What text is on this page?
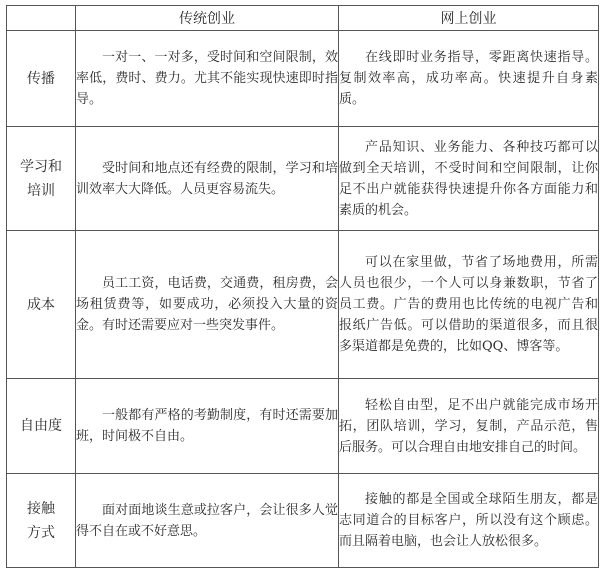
	传统创业	网上创业
传播	一对一、一对多，受时间和空间限制，效率低，费时、费力。尤其不能实现快速即时指导。	在线即时业务指导，零距离快速指导。复制效率高，成功率高。快速提升自身素质。

学习和培训	受时间和地点还有经费的限制，学习和培训效率大大降低。人员更容易流失。	产品知识、业务能力、各种技巧都可以做到全天培训，不受时间和空间限制，让你足不出户就能获得快速提升你各方面能力和素质的机会。

成本	员工工资，电话费，交通费，租房费，会场租赁费等，如要成功，必须投入大量的资金。有时还需要应对一些突发事件。	可以在家里做，节省了场地费用，所需人员也很少，一个人可以身兼数职，节省了员工费。广告的费用也比传统的电视广告和报纸广告低。可以借助的渠道很多，而且很多渠道都是免费的，比如QQ、博客等。

自由度	一般都有严格的考勤制度，有时还需要加班，时间极不自由。	轻松自由型，足不出户就能完成市场开拓，团队培训，学习，复制，产品示范，售后服务。可以合理自由地安排自己的时间。

接触方式	面对面地谈生意或拉客户，会让很多人觉得不自在或不好意思。	接触的都是全国或全球陌生朋友，都是志同道合的目标客户，所以没有这个顾虑。而且隔着电脑，也会让人放松很多。
